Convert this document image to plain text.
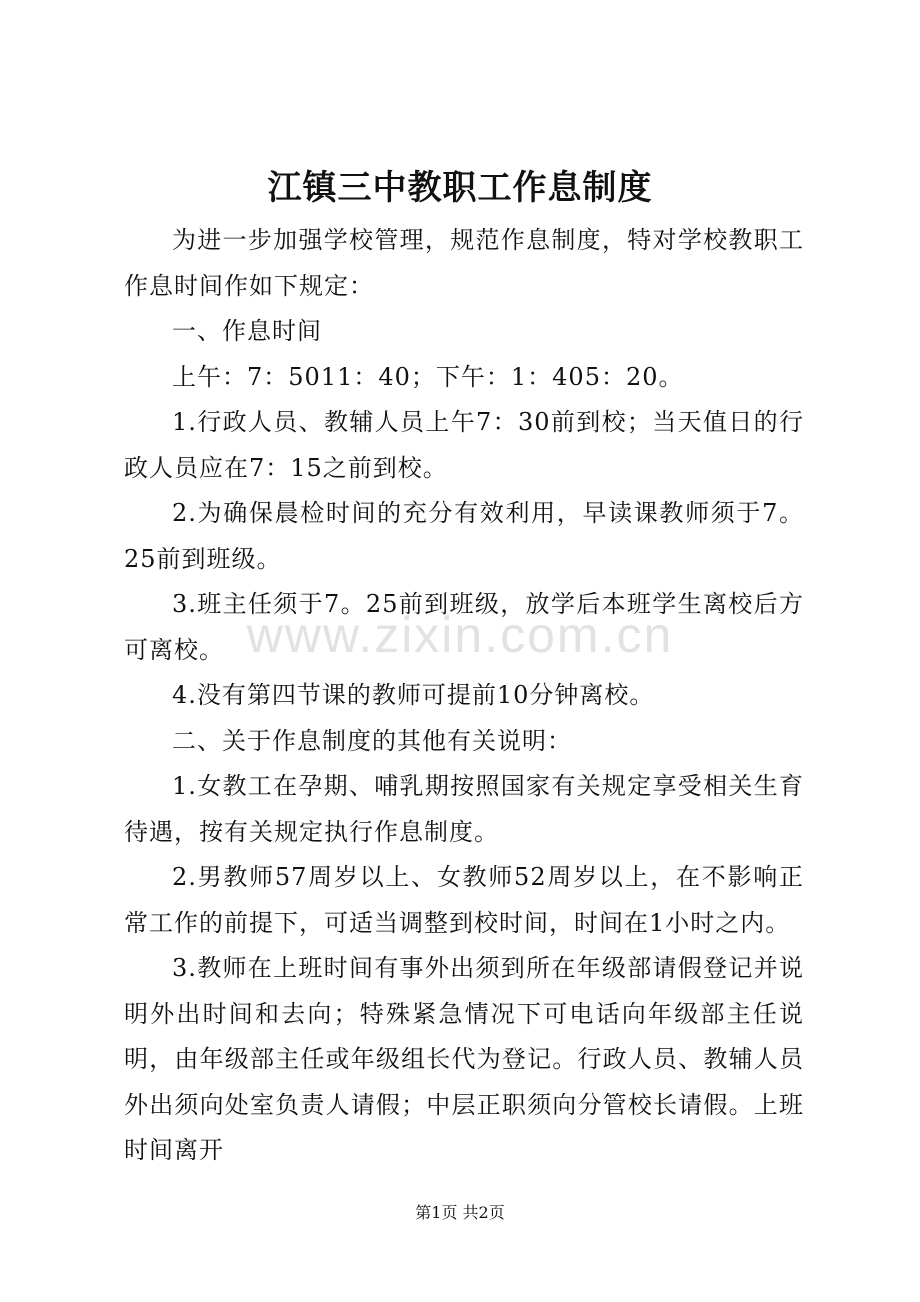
江镇三中教职工作息制度

为进一步加强学校管理，规范作息制度，特对学校教职工作息时间作如下规定：

一、作息时间

上午：7：5011：40；下午：1：405：20。

1.行政人员、教辅人员上午7：30前到校；当天值日的行政人员应在7：15之前到校。

2.为确保晨检时间的充分有效利用，早读课教师须于7。25前到班级。

3.班主任须于7。25前到班级，放学后本班学生离校后方可离校。

4.没有第四节课的教师可提前10分钟离校。

二、关于作息制度的其他有关说明：

1.女教工在孕期、哺乳期按照国家有关规定享受相关生育待遇，按有关规定执行作息制度。

2.男教师57周岁以上、女教师52周岁以上，在不影响正常工作的前提下，可适当调整到校时间，时间在1小时之内。

3.教师在上班时间有事外出须到所在年级部请假登记并说明外出时间和去向；特殊紧急情况下可电话向年级部主任说明，由年级部主任或年级组长代为登记。行政人员、教辅人员外出须向处室负责人请假；中层正职须向分管校长请假。上班时间离开

www.zixin.com.cn
第1页 共2页
